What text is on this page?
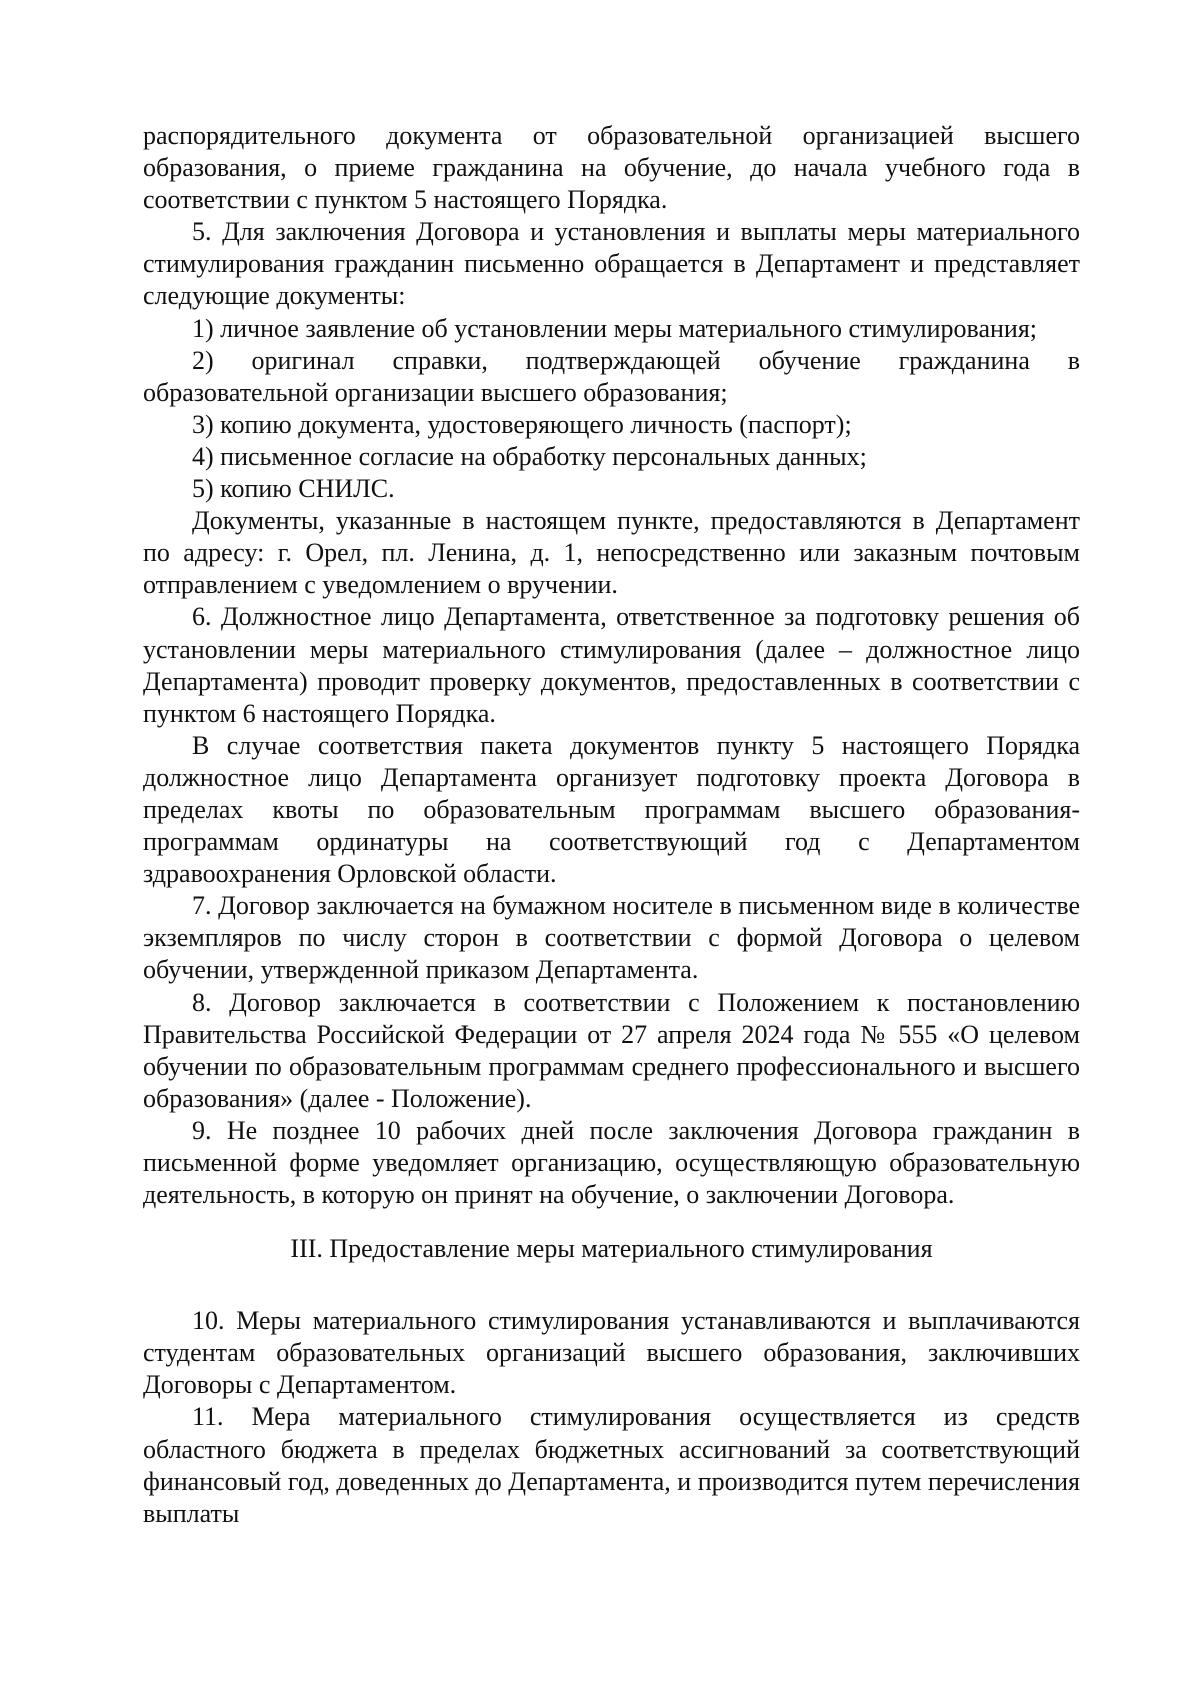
распорядительного документа от образовательной организацией высшего образования, о приеме гражданина на обучение, до начала учебного года в соответствии с пунктом 5 настоящего Порядка.

5. Для заключения Договора и установления и выплаты меры материального стимулирования гражданин письменно обращается в Департамент и представляет следующие документы:

1) личное заявление об установлении меры материального стимулирования;

2) оригинал справки, подтверждающей обучение гражданина в образовательной организации высшего образования;

3) копию документа, удостоверяющего личность (паспорт);

4) письменное согласие на обработку персональных данных;

5) копию СНИЛС.

Документы, указанные в настоящем пункте, предоставляются в Департамент по адресу: г. Орел, пл. Ленина, д. 1, непосредственно или заказным почтовым отправлением с уведомлением о вручении.

6. Должностное лицо Департамента, ответственное за подготовку решения об установлении меры материального стимулирования (далее – должностное лицо Департамента) проводит проверку документов, предоставленных в соответствии с пунктом 6 настоящего Порядка.

В случае соответствия пакета документов пункту 5 настоящего Порядка должностное лицо Департамента организует подготовку проекта Договора в пределах квоты по образовательным программам высшего образования-программам ординатуры на соответствующий год с Департаментом здравоохранения Орловской области.

7. Договор заключается на бумажном носителе в письменном виде в количестве экземпляров по числу сторон в соответствии с формой Договора о целевом обучении, утвержденной приказом Департамента.

8. Договор заключается в соответствии с Положением к постановлению Правительства Российской Федерации от 27 апреля 2024 года № 555 «О целевом обучении по образовательным программам среднего профессионального и высшего образования» (далее - Положение).

9. Не позднее 10 рабочих дней после заключения Договора гражданин в письменной форме уведомляет организацию, осуществляющую образовательную деятельность, в которую он принят на обучение, о заключении Договора.

III. Предоставление меры материального стимулирования

10. Меры материального стимулирования устанавливаются и выплачиваются студентам образовательных организаций высшего образования, заключивших Договоры с Департаментом.

11. Мера материального стимулирования осуществляется из средств областного бюджета в пределах бюджетных ассигнований за соответствующий финансовый год, доведенных до Департамента, и производится путем перечисления выплаты
